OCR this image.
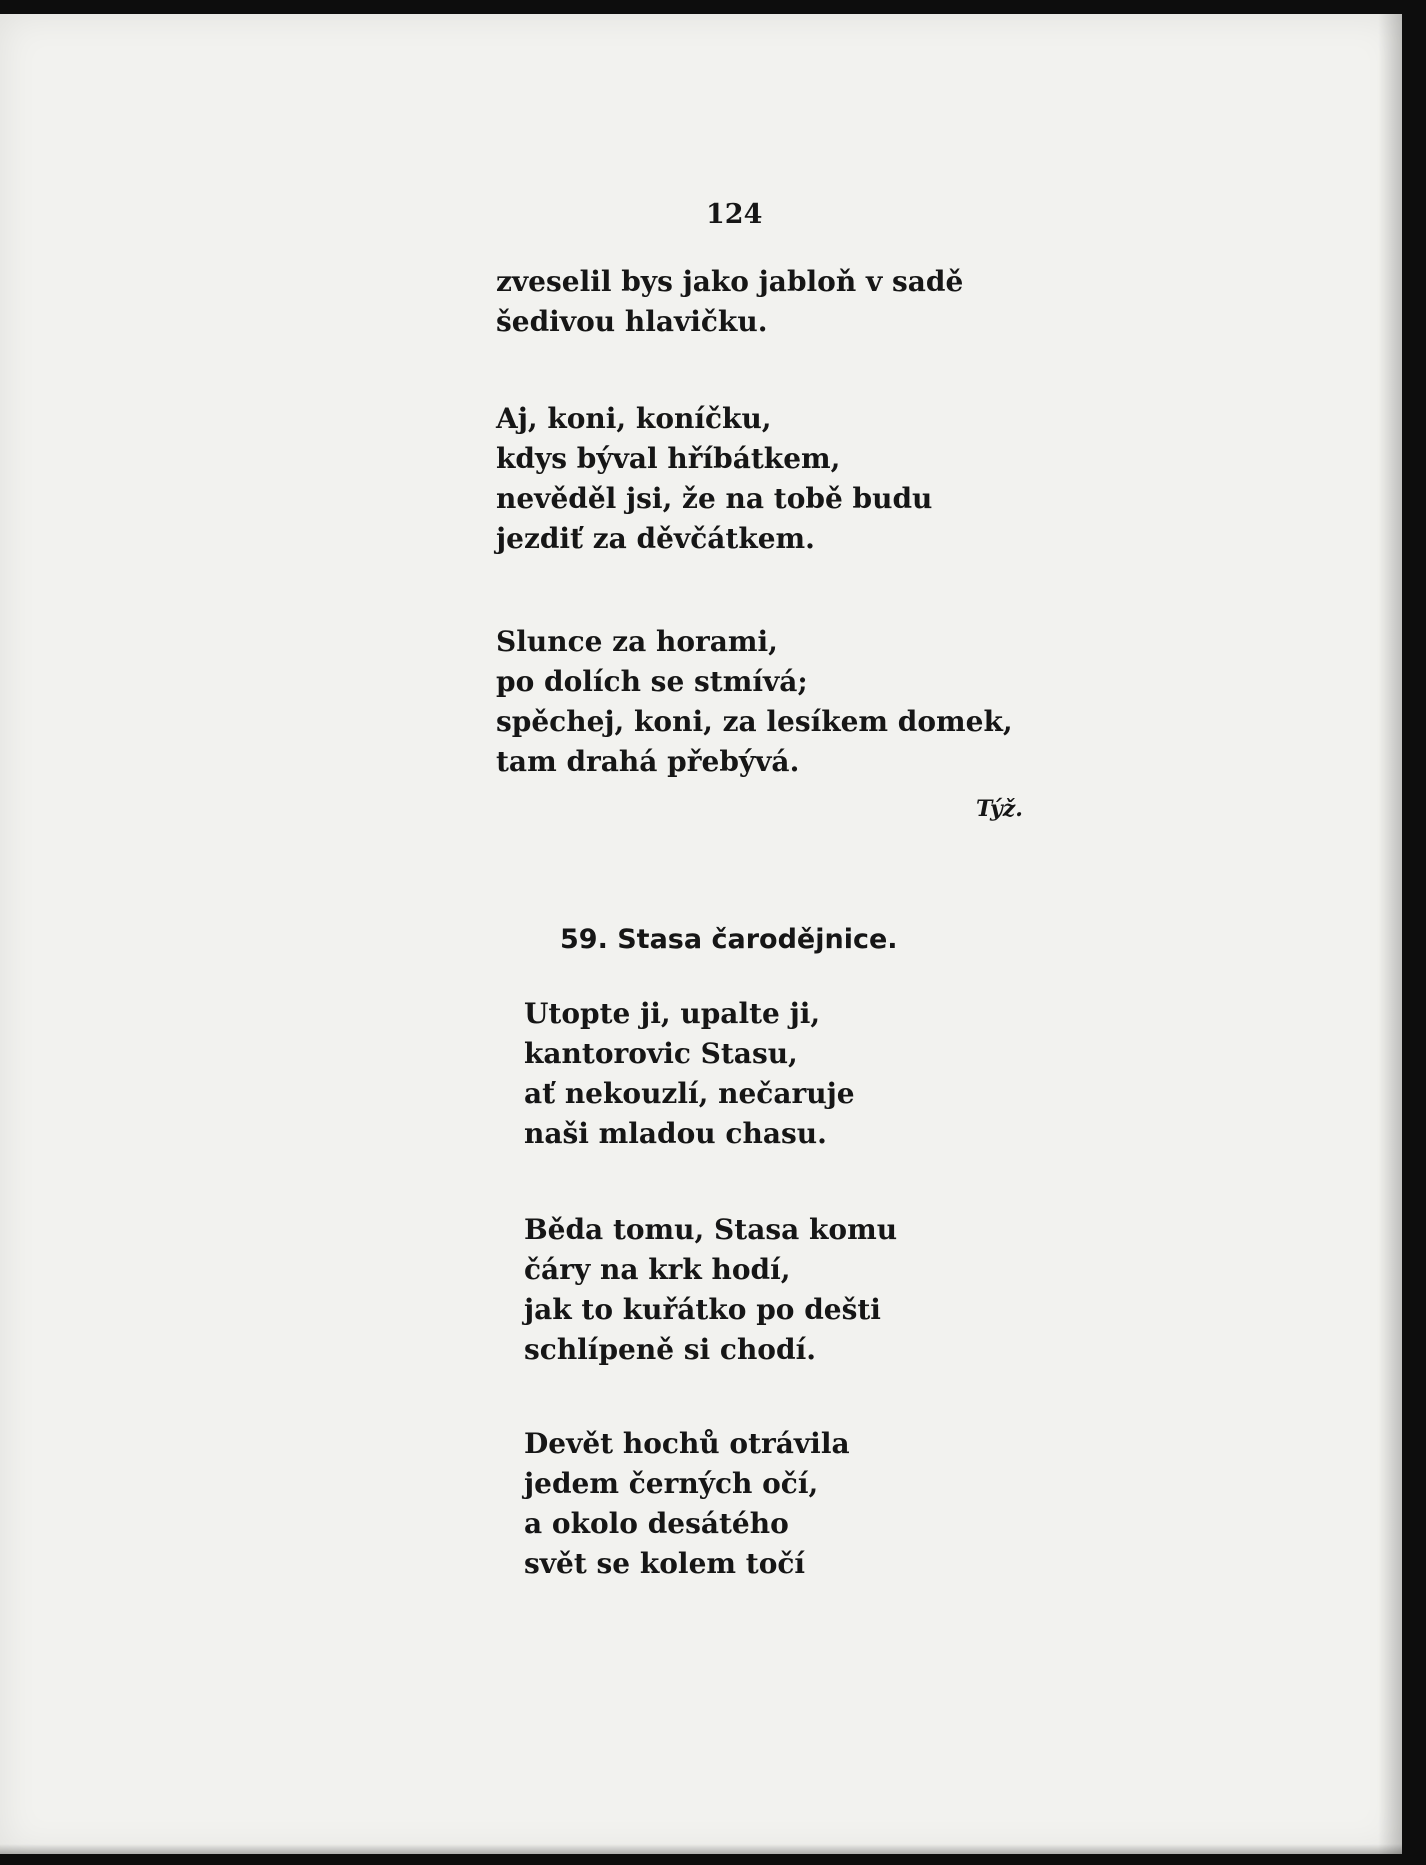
124

zveselil bys jako jabloň v sadě
šedivou hlavičku.
Aj, koni, koníčku,
kdys býval hříbátkem,
nevěděl jsi, že na tobě budu
jezdiť za děvčátkem.
Slunce za horami,
po dolích se stmívá;
spěchej, koni, za lesíkem domek,
tam drahá přebývá.

Týž.

59. Stasa čarodějnice.

Utopte ji, upalte ji,
kantorovic Stasu,
ať nekouzlí, nečaruje
naši mladou chasu.
Běda tomu, Stasa komu
čáry na krk hodí,
jak to kuřátko po dešti
schlípeně si chodí.
Devět hochů otrávila
jedem černých očí,
a okolo desátého
svět se kolem točí
